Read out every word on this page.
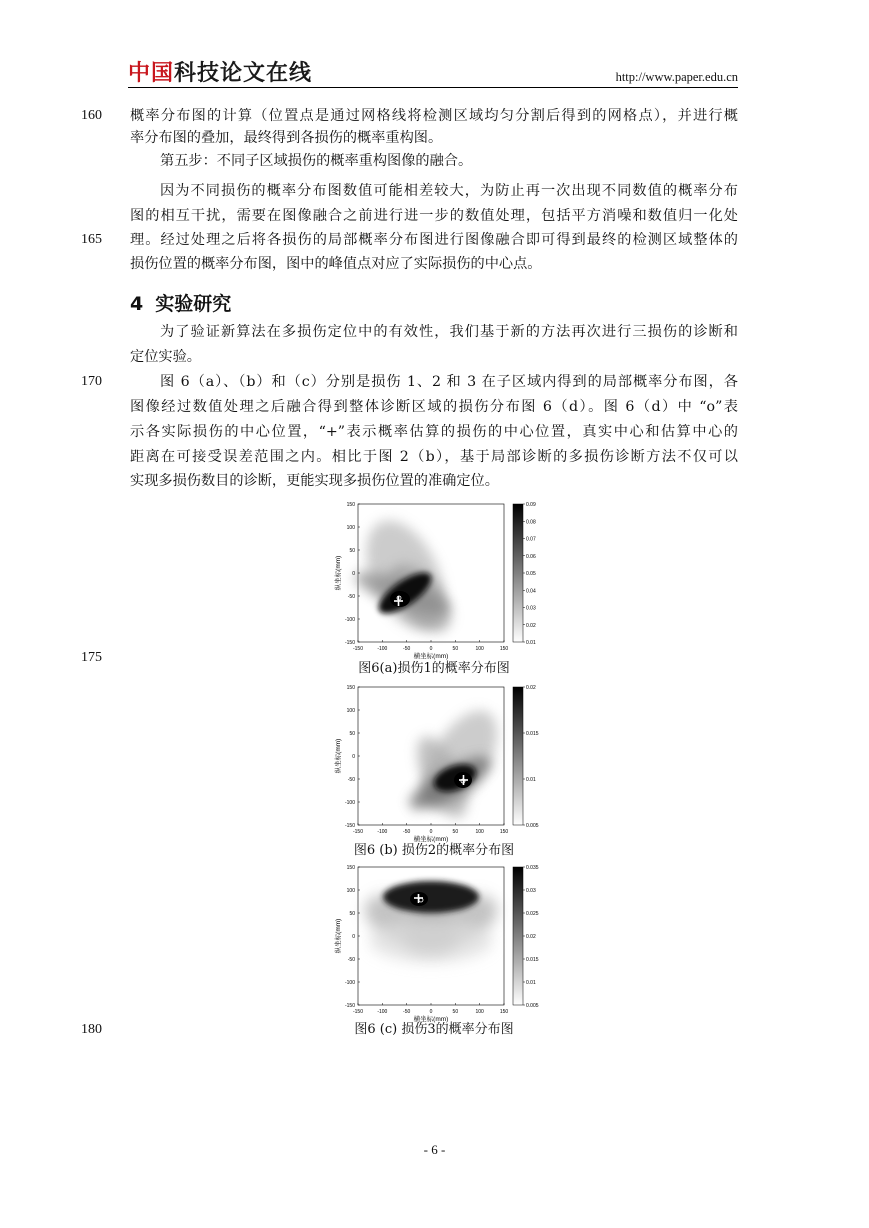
中国科技论文在线	http://www.paper.edu.cn
160
165
170
175
180
概率分布图的计算（位置点是通过网格线将检测区域均匀分割后得到的网格点），并进行概
率分布图的叠加，最终得到各损伤的概率重构图。
第五步：不同子区域损伤的概率重构图像的融合。
因为不同损伤的概率分布图数值可能相差较大，为防止再一次出现不同数值的概率分布
图的相互干扰，需要在图像融合之前进行进一步的数值处理，包括平方消噪和数值归一化处
理。经过处理之后将各损伤的局部概率分布图进行图像融合即可得到最终的检测区域整体的
损伤位置的概率分布图，图中的峰值点对应了实际损伤的中心点。
4 实验研究
为了验证新算法在多损伤定位中的有效性，我们基于新的方法再次进行三损伤的诊断和
定位实验。
图 6（a）、（b）和（c）分别是损伤 1、2 和 3 在子区域内得到的局部概率分布图，各
图像经过数值处理之后融合得到整体诊断区域的损伤分布图 6（d）。图 6（d）中 “o”表
示各实际损伤的中心位置，“+”表示概率估算的损伤的中心位置，真实中心和估算中心的
距离在可接受误差范围之内。相比于图 2（b），基于局部诊断的多损伤诊断方法不仅可以
实现多损伤数目的诊断，更能实现多损伤位置的准确定位。
-150	-100	-50	0	50	100	150
150
100
50
0
-50
-100
-150
横坐标(mm)
纵坐标(mm)
0.09
0.08
0.07
0.06
0.05
0.04
0.03
0.02
0.01
图6(a)损伤1的概率分布图
-150	-100	-50	0	50	100	150
150
100
50
0
-50
-100
-150
横坐标(mm)
纵坐标(mm)
0.02
0.015
0.01
0.005
图6 (b) 损伤2的概率分布图
-150	-100	-50	0	50	100	150
150
100
50
0
-50
-100
-150
横坐标(mm)
纵坐标(mm)
0.035
0.03
0.025
0.02
0.015
0.01
0.005
图6 (c) 损伤3的概率分布图
- 6 -
